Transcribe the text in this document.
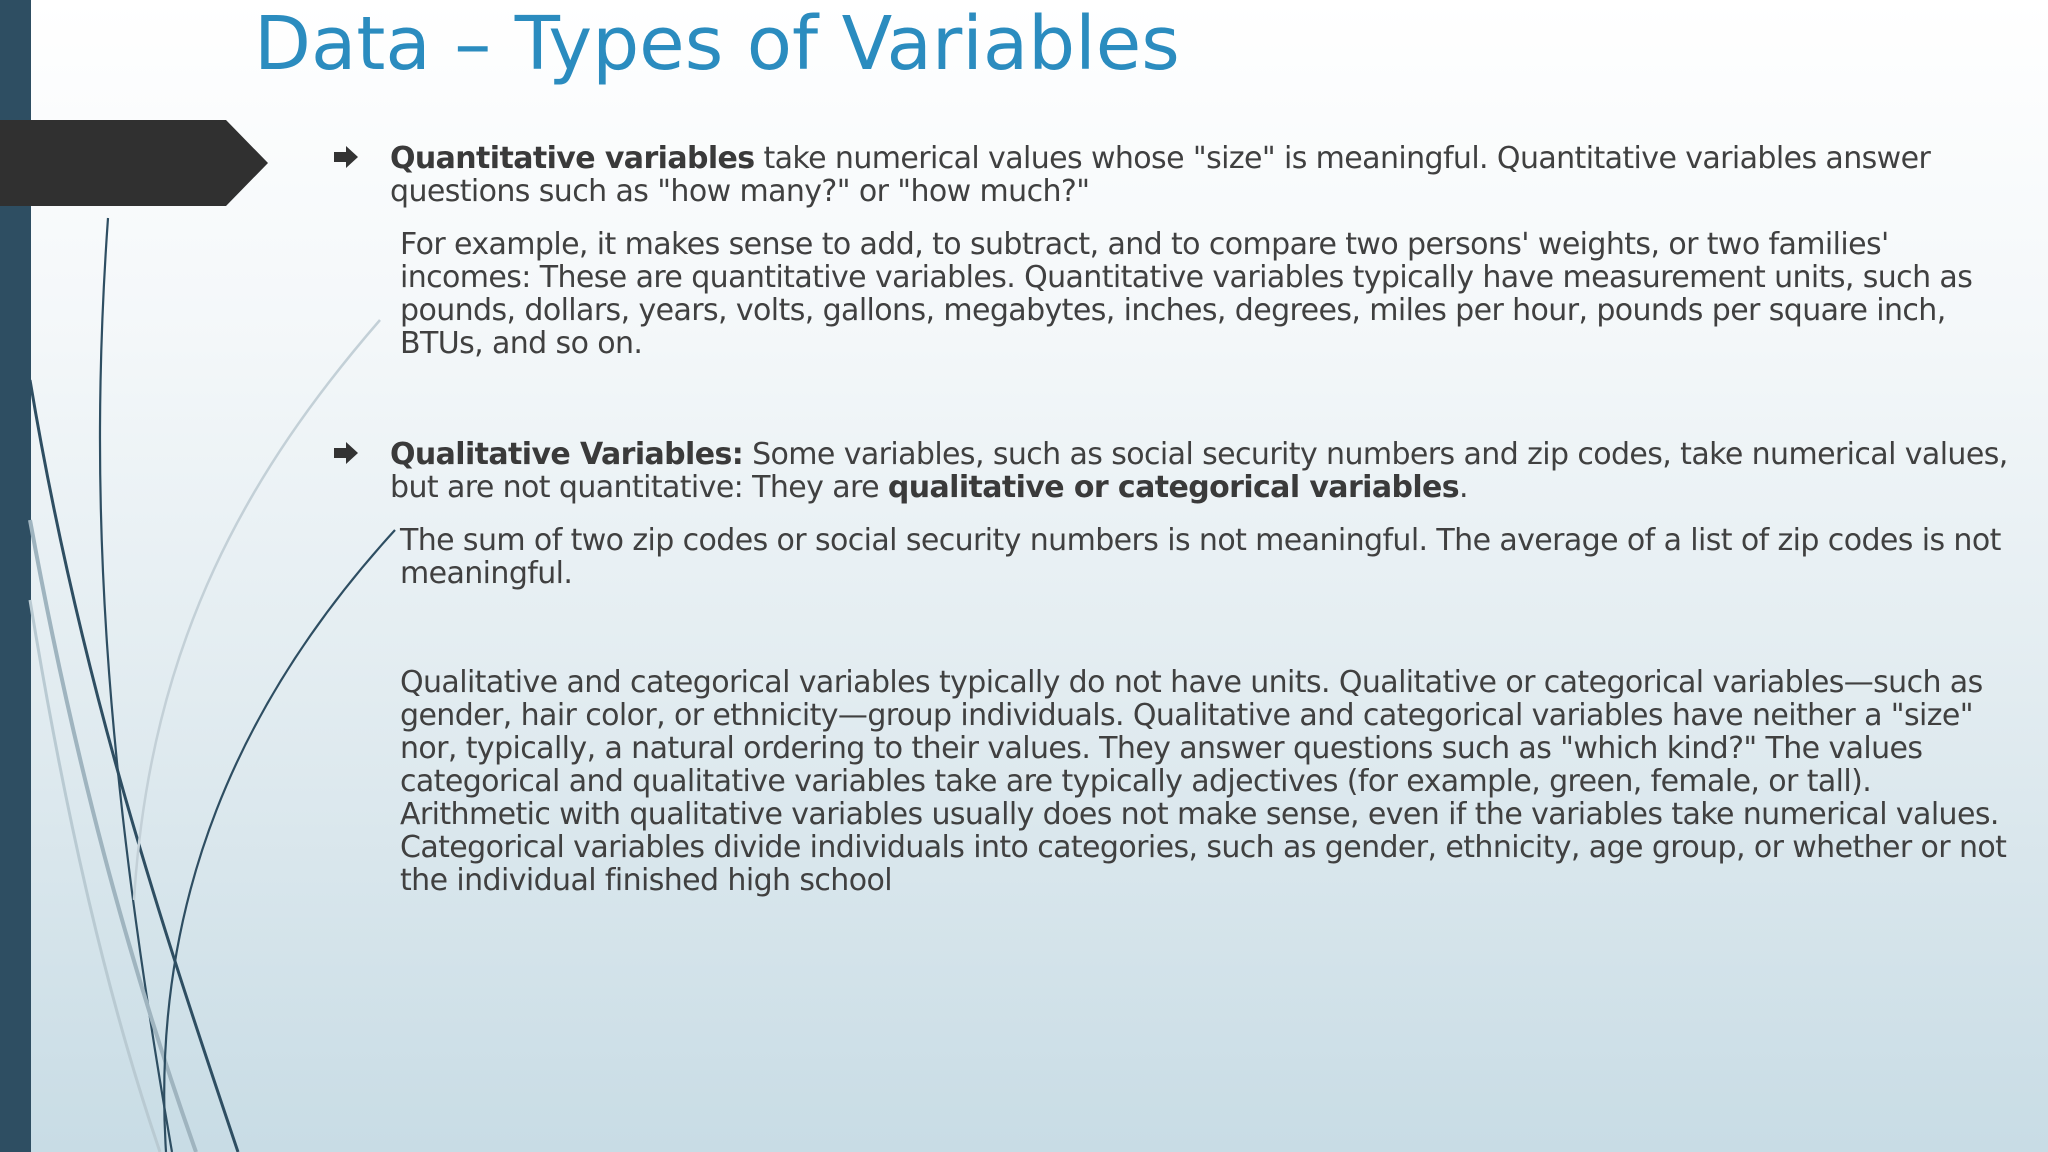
Data – Types of Variables
Quantitative variables take numerical values whose "size" is meaningful. Quantitative variables answer questions such as "how many?" or "how much?"
For example, it makes sense to add, to subtract, and to compare two persons' weights, or two families' incomes: These are quantitative variables. Quantitative variables typically have measurement units, such as pounds, dollars, years, volts, gallons, megabytes, inches, degrees, miles per hour, pounds per square inch, BTUs, and so on.
Qualitative Variables: Some variables, such as social security numbers and zip codes, take numerical values, but are not quantitative: They are qualitative or categorical variables.
The sum of two zip codes or social security numbers is not meaningful. The average of a list of zip codes is not meaningful.
Qualitative and categorical variables typically do not have units. Qualitative or categorical variables—such as gender, hair color, or ethnicity—group individuals. Qualitative and categorical variables have neither a "size" nor, typically, a natural ordering to their values. They answer questions such as "which kind?" The values categorical and qualitative variables take are typically adjectives (for example, green, female, or tall). Arithmetic with qualitative variables usually does not make sense, even if the variables take numerical values. Categorical variables divide individuals into categories, such as gender, ethnicity, age group, or whether or not the individual finished high school
